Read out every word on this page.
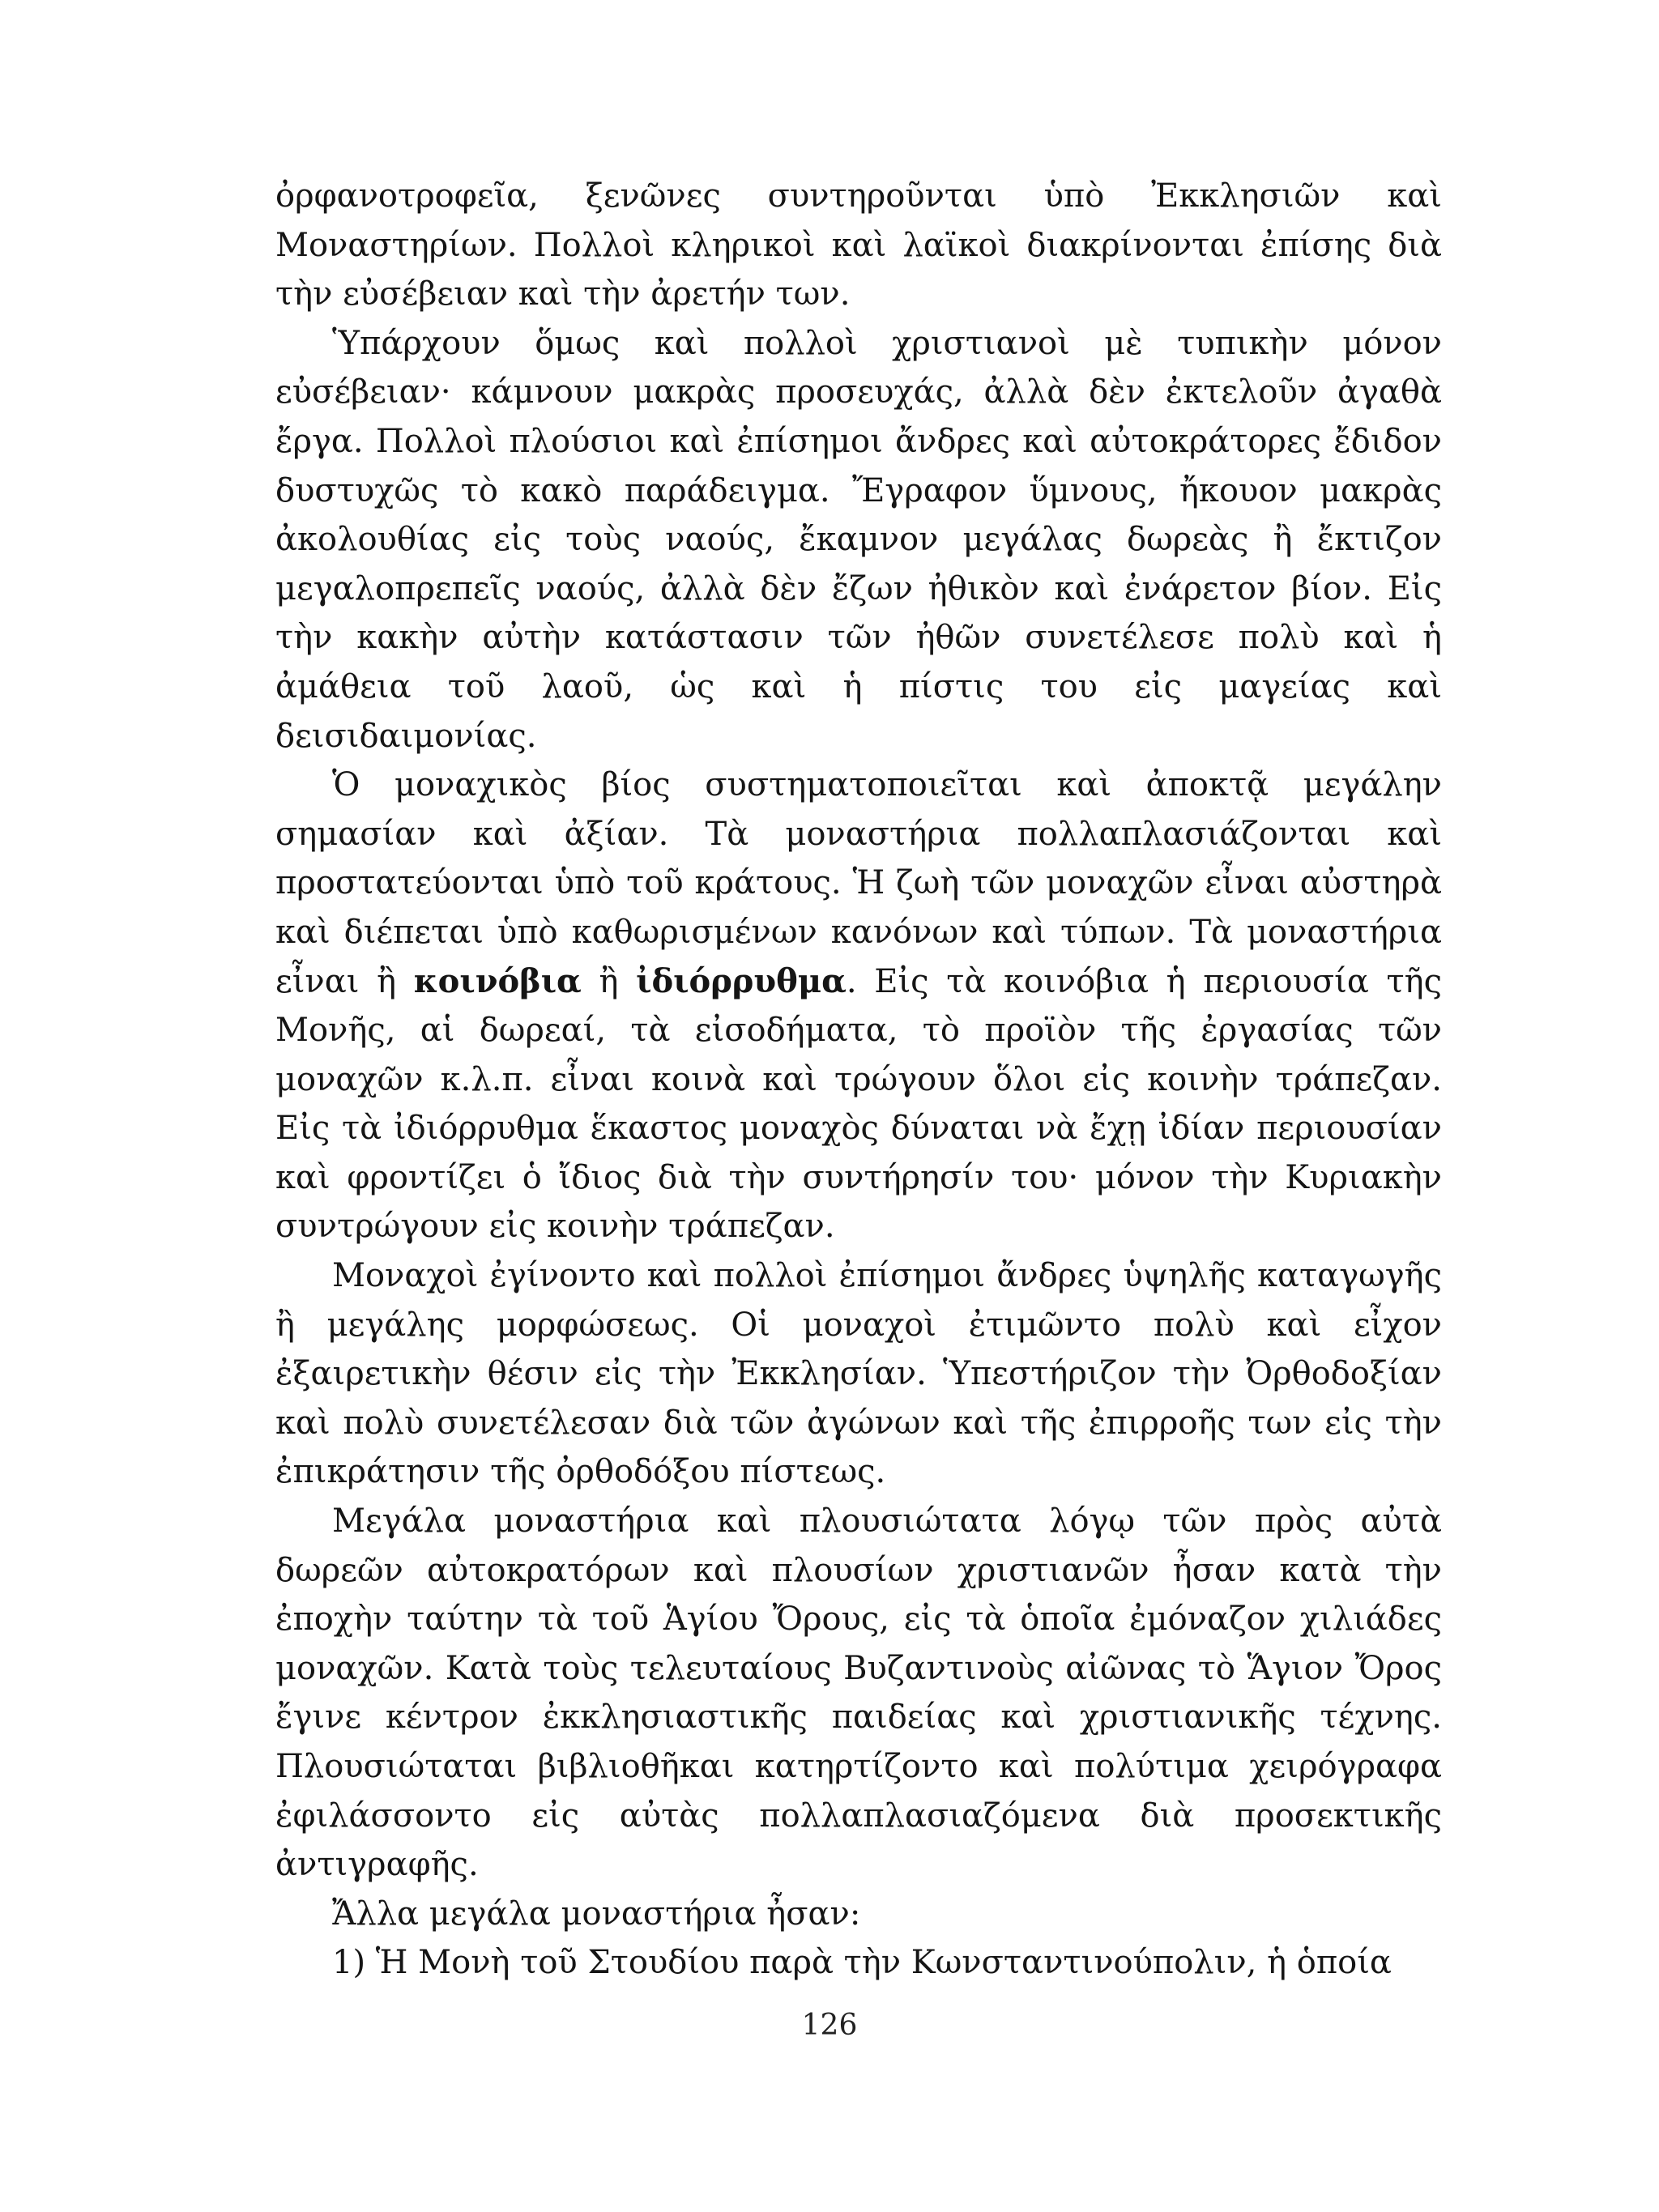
ὀρφανοτροφεῖα, ξενῶνες συντηροῦνται ὑπὸ Ἐκκλησιῶν καὶ Μοναστηρίων. Πολλοὶ κληρικοὶ καὶ λαϊκοὶ διακρίνονται ἐπίσης διὰ τὴν εὐσέβειαν καὶ τὴν ἀρετήν των.

Ὑπάρχουν ὅμως καὶ πολλοὶ χριστιανοὶ μὲ τυπικὴν μόνον εὐσέβειαν· κάμνουν μακρὰς προσευχάς, ἀλλὰ δὲν ἐκτελοῦν ἀγαθὰ ἔργα. Πολλοὶ πλούσιοι καὶ ἐπίσημοι ἄνδρες καὶ αὐτοκράτορες ἔδιδον δυστυχῶς τὸ κακὸ παράδειγμα. Ἔγραφον ὕμνους, ἤκουον μακρὰς ἀκολουθίας εἰς τοὺς ναούς, ἔκαμνον μεγάλας δωρεὰς ἢ ἔκτιζον μεγαλοπρεπεῖς ναούς, ἀλλὰ δὲν ἔζων ἠθικὸν καὶ ἐνάρετον βίον. Εἰς τὴν κακὴν αὐτὴν κατάστασιν τῶν ἠθῶν συνετέλεσε πολὺ καὶ ἡ ἀμάθεια τοῦ λαοῦ, ὡς καὶ ἡ πίστις του εἰς μαγείας καὶ δεισιδαιμονίας.

Ὁ μοναχικὸς βίος συστηματοποιεῖται καὶ ἀποκτᾷ μεγάλην σημασίαν καὶ ἀξίαν. Τὰ μοναστήρια πολλαπλασιάζονται καὶ προστατεύονται ὑπὸ τοῦ κράτους. Ἡ ζωὴ τῶν μοναχῶν εἶναι αὐστηρὰ καὶ διέπεται ὑπὸ καθωρισμένων κανόνων καὶ τύπων. Τὰ μοναστήρια εἶναι ἢ κοινόβια ἢ ἰδιόρρυθμα. Εἰς τὰ κοινόβια ἡ περιουσία τῆς Μονῆς, αἱ δωρεαί, τὰ εἰσοδήματα, τὸ προϊὸν τῆς ἐργασίας τῶν μοναχῶν κ.λ.π. εἶναι κοινὰ καὶ τρώγουν ὅλοι εἰς κοινὴν τράπεζαν. Εἰς τὰ ἰδιόρρυθμα ἕκαστος μοναχὸς δύναται νὰ ἔχῃ ἰδίαν περιουσίαν καὶ φροντίζει ὁ ἴδιος διὰ τὴν συντήρησίν του· μόνον τὴν Κυριακὴν συντρώγουν εἰς κοινὴν τράπεζαν.

Μοναχοὶ ἐγίνοντο καὶ πολλοὶ ἐπίσημοι ἄνδρες ὑψηλῆς καταγωγῆς ἢ μεγάλης μορφώσεως. Οἱ μοναχοὶ ἐτιμῶντο πολὺ καὶ εἶχον ἐξαιρετικὴν θέσιν εἰς τὴν Ἐκκλησίαν. Ὑπεστήριζον τὴν Ὀρθοδοξίαν καὶ πολὺ συνετέλεσαν διὰ τῶν ἀγώνων καὶ τῆς ἐπιρροῆς των εἰς τὴν ἐπικράτησιν τῆς ὀρθοδόξου πίστεως.

Μεγάλα μοναστήρια καὶ πλουσιώτατα λόγῳ τῶν πρὸς αὐτὰ δωρεῶν αὐτοκρατόρων καὶ πλουσίων χριστιανῶν ἦσαν κατὰ τὴν ἐποχὴν ταύτην τὰ τοῦ Ἁγίου Ὄρους, εἰς τὰ ὁποῖα ἐμόναζον χιλιάδες μοναχῶν. Κατὰ τοὺς τελευταίους Βυζαντινοὺς αἰῶνας τὸ Ἅγιον Ὄρος ἔγινε κέντρον ἐκκλησιαστικῆς παιδείας καὶ χριστιανικῆς τέχνης. Πλουσιώταται βιβλιοθῆκαι κατηρτίζοντο καὶ πολύτιμα χειρόγραφα ἐφιλάσσοντο εἰς αὐτὰς πολλαπλασιαζόμενα διὰ προσεκτικῆς ἀντιγραφῆς.

Ἄλλα μεγάλα μοναστήρια ἦσαν:

1) Ἡ Μονὴ τοῦ Στουδίου παρὰ τὴν Κωνσταντινούπολιν, ἡ ὁποία

126
